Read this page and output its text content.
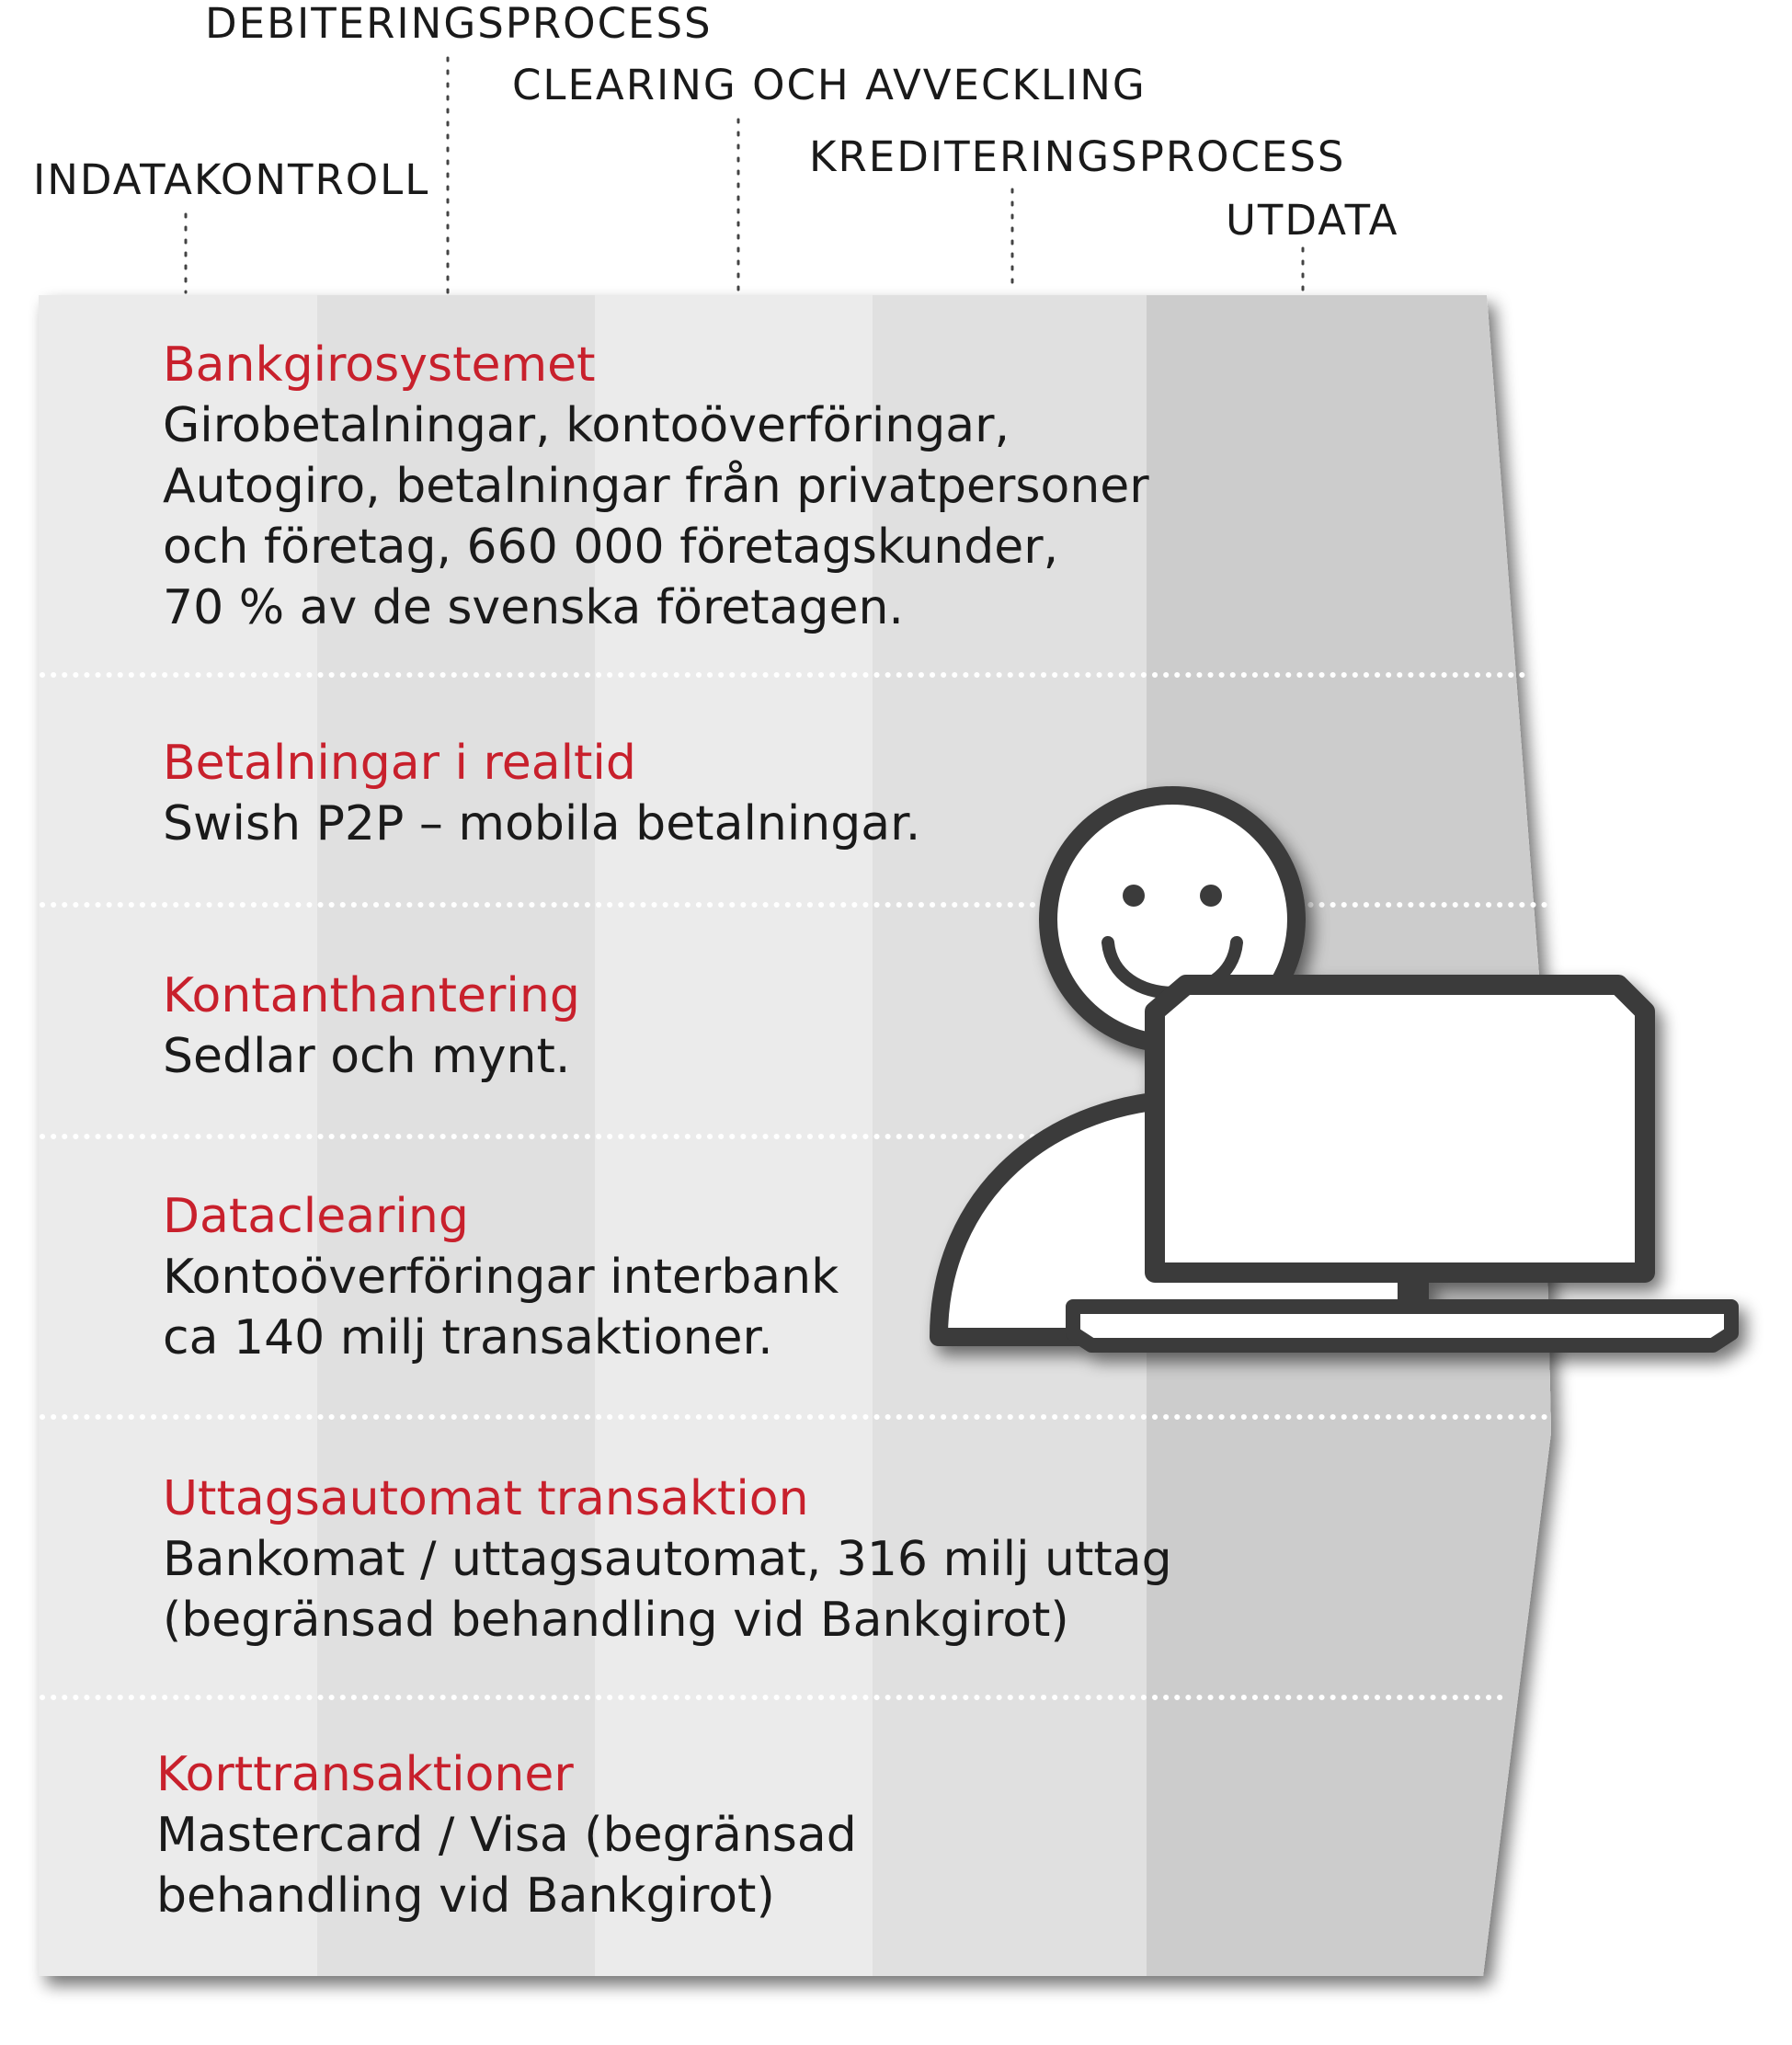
INDATAKONTROLL
DEBITERINGSPROCESS
CLEARING OCH AVVECKLING
KREDITERINGSPROCESS
UTDATA
Bankgirosystemet
Girobetalningar, kontoöverföringar,
Autogiro, betalningar från privatpersoner
och företag, 660 000 företagskunder,
70 % av de svenska företagen.
Betalningar i realtid
Swish P2P – mobila betalningar.
Kontanthantering
Sedlar och mynt.
Dataclearing
Kontoöverföringar interbank
ca 140 milj transaktioner.
Uttagsautomat transaktion
Bankomat / uttagsautomat, 316 milj uttag
(begränsad behandling vid Bankgirot)
Korttransaktioner
Mastercard / Visa (begränsad
behandling vid Bankgirot)
